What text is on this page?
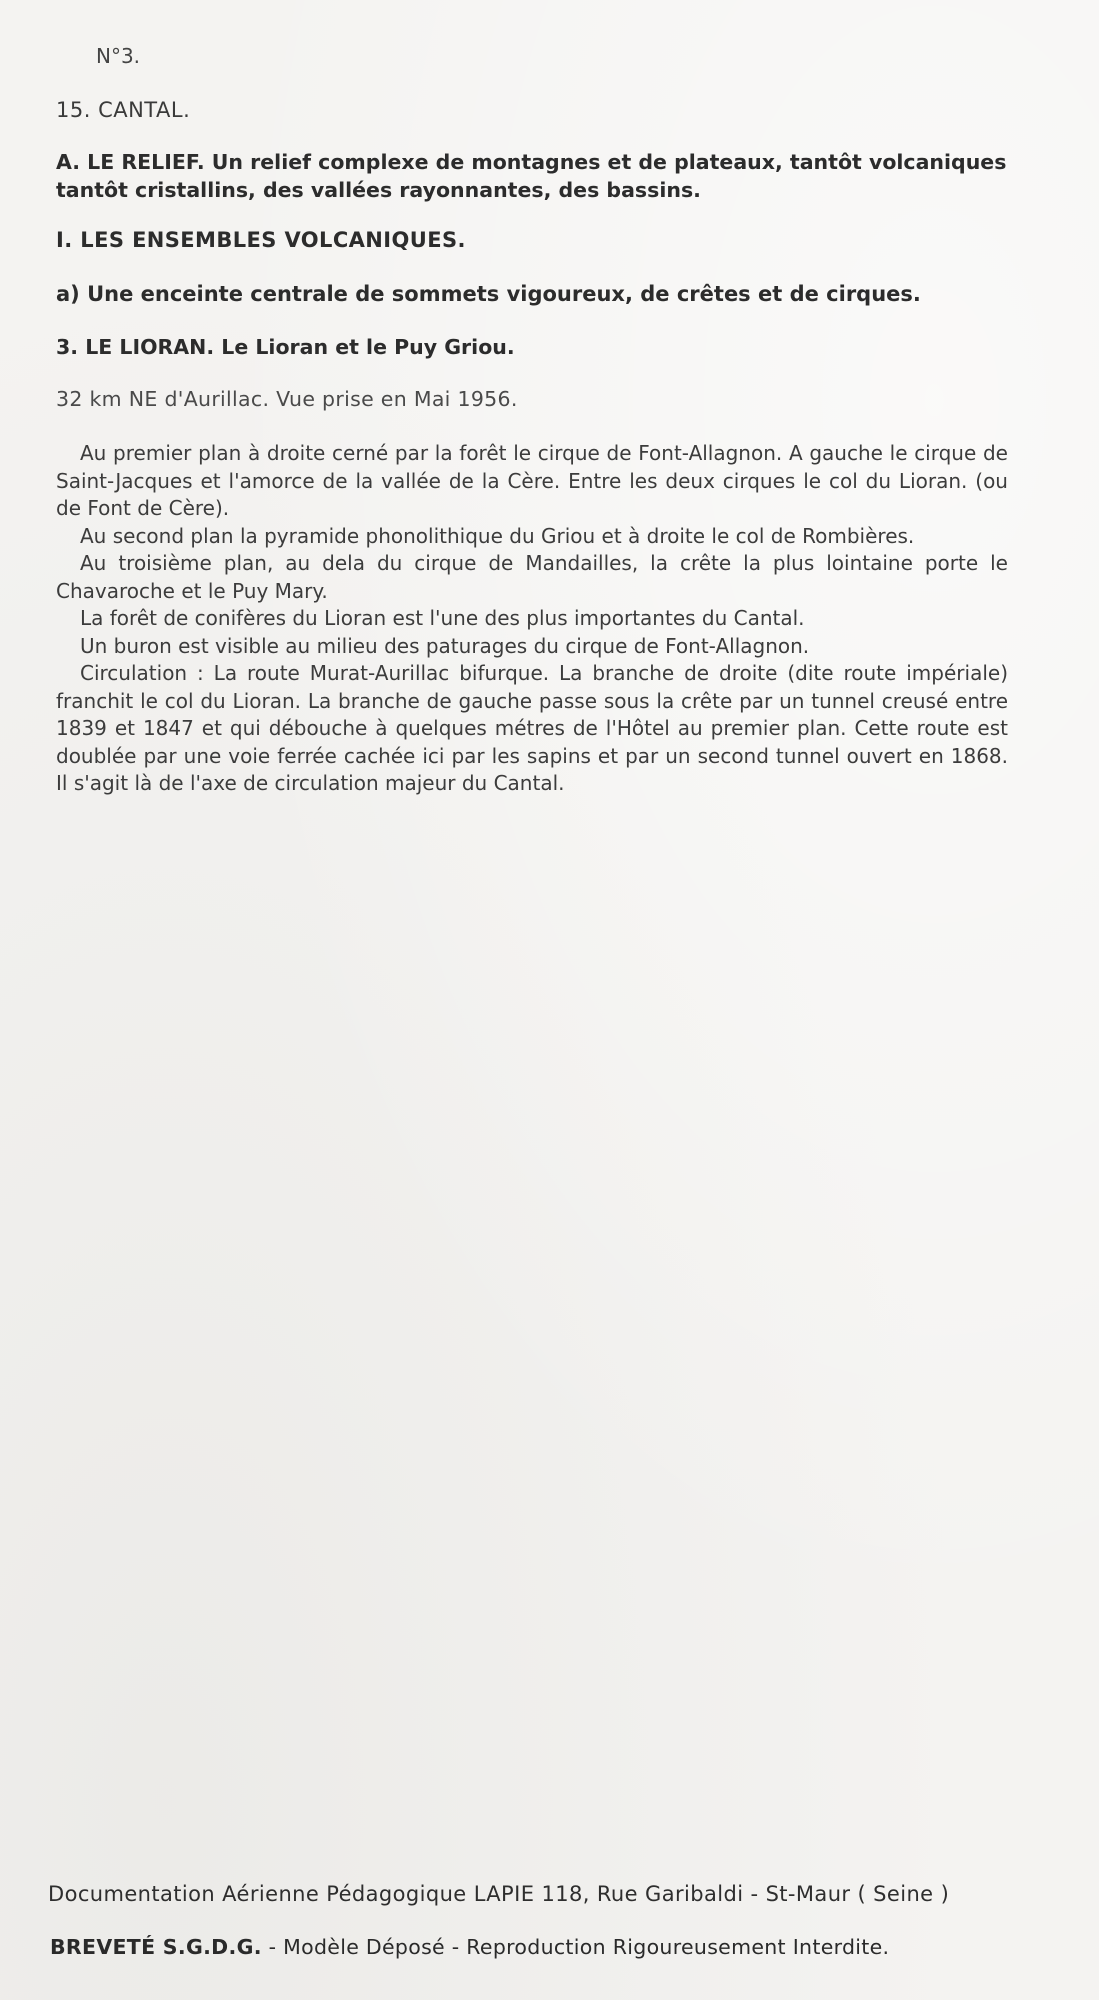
N°3.
15. CANTAL.
A. LE RELIEF. Un relief complexe de montagnes et de plateaux, tantôt volcaniques tantôt cristallins, des vallées rayonnantes, des bassins.
I. LES ENSEMBLES VOLCANIQUES.
a) Une enceinte centrale de sommets vigoureux, de crêtes et de cirques.
3. LE LIORAN. Le Lioran et le Puy Griou.
32 km NE d'Aurillac. Vue prise en Mai 1956.

Au premier plan à droite cerné par la forêt le cirque de Font-Allagnon. A gauche le cirque de Saint-Jacques et l'amorce de la vallée de la Cère. Entre les deux cirques le col du Lioran. (ou de Font de Cère).

Au second plan la pyramide phonolithique du Griou et à droite le col de Rombières.

Au troisième plan, au dela du cirque de Mandailles, la crête la plus lointaine porte le Chavaroche et le Puy Mary.

La forêt de conifères du Lioran est l'une des plus importantes du Cantal.

Un buron est visible au milieu des paturages du cirque de Font-Allagnon.

Circulation : La route Murat-Aurillac bifurque. La branche de droite (dite route impériale) franchit le col du Lioran. La branche de gauche passe sous la crête par un tunnel creusé entre 1839 et 1847 et qui débouche à quelques métres de l'Hôtel au premier plan. Cette route est doublée par une voie ferrée cachée ici par les sapins et par un second tunnel ouvert en 1868. Il s'agit là de l'axe de circulation majeur du Cantal.

Documentation Aérienne Pédagogique LAPIE 118, Rue Garibaldi - St-Maur ( Seine )
BREVETÉ S.G.D.G. - Modèle Déposé - Reproduction Rigoureusement Interdite.
